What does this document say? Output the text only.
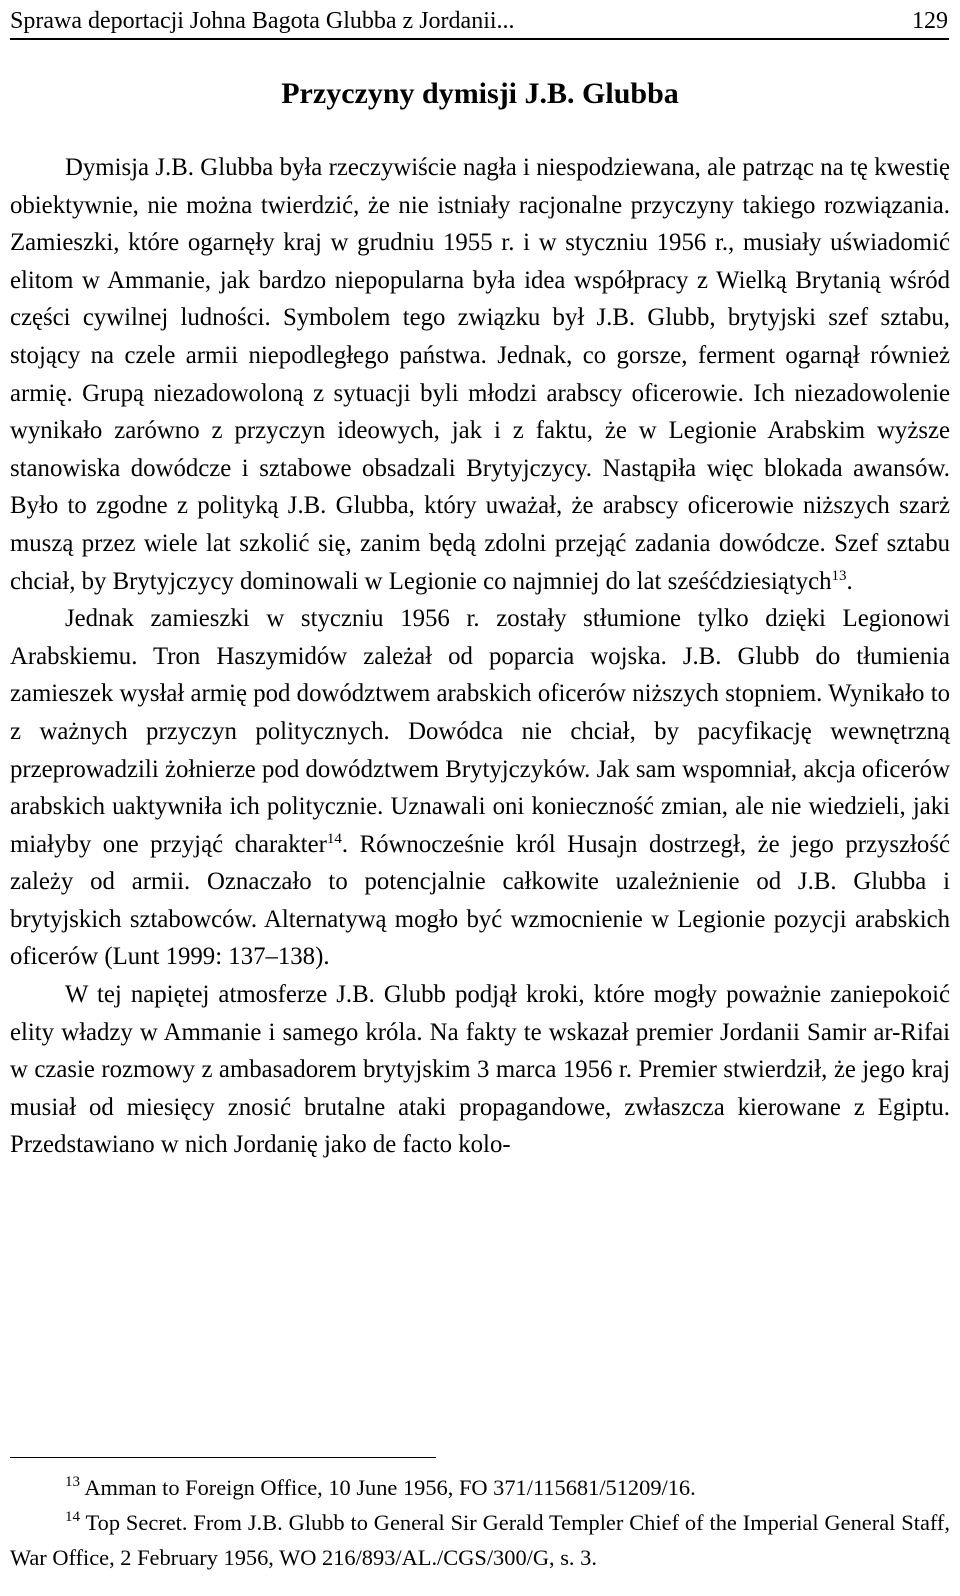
Sprawa deportacji Johna Bagota Glubba z Jordanii...	129
Przyczyny dymisji J.B. Glubba

Dymisja J.B. Glubba była rzeczywiście nagła i niespodziewana, ale patrząc na tę kwestię obiektywnie, nie można twierdzić, że nie istniały racjonalne przyczyny takiego rozwiązania. Zamieszki, które ogarnęły kraj w grudniu 1955 r. i w styczniu 1956 r., musiały uświadomić elitom w Ammanie, jak bardzo niepopularna była idea współpracy z Wielką Brytanią wśród części cywilnej ludności. Symbolem tego związku był J.B. Glubb, brytyjski szef sztabu, stojący na czele armii niepodległego państwa. Jednak, co gorsze, ferment ogarnął również armię. Grupą niezadowoloną z sytuacji byli młodzi arabscy oficerowie. Ich niezadowolenie wynikało zarówno z przyczyn ideowych, jak i z faktu, że w Legionie Arabskim wyższe stanowiska dowódcze i sztabowe obsadzali Brytyjczycy. Nastąpiła więc blokada awansów. Było to zgodne z polityką J.B. Glubba, który uważał, że arabscy oficerowie niższych szarż muszą przez wiele lat szkolić się, zanim będą zdolni przejąć zadania dowódcze. Szef sztabu chciał, by Brytyjczycy dominowali w Legionie co najmniej do lat sześćdziesiątych$^{13}$.

Jednak zamieszki w styczniu 1956 r. zostały stłumione tylko dzięki Legionowi Arabskiemu. Tron Haszymidów zależał od poparcia wojska. J.B. Glubb do tłumienia zamieszek wysłał armię pod dowództwem arabskich oficerów niższych stopniem. Wynikało to z ważnych przyczyn politycznych. Dowódca nie chciał, by pacyfikację wewnętrzną przeprowadzili żołnierze pod dowództwem Brytyjczyków. Jak sam wspomniał, akcja oficerów arabskich uaktywniła ich politycznie. Uznawali oni konieczność zmian, ale nie wiedzieli, jaki miałyby one przyjąć charakter$^{14}$. Równocześnie król Husajn dostrzegł, że jego przyszłość zależy od armii. Oznaczało to potencjalnie całkowite uzależnienie od J.B. Glubba i brytyjskich sztabowców. Alternatywą mogło być wzmocnienie w Legionie pozycji arabskich oficerów (Lunt 1999: 137–138).

W tej napiętej atmosferze J.B. Glubb podjął kroki, które mogły poważnie zaniepokoić elity władzy w Ammanie i samego króla. Na fakty te wskazał premier Jordanii Samir ar-Rifai w czasie rozmowy z ambasadorem brytyjskim 3 marca 1956 r. Premier stwierdził, że jego kraj musiał od miesięcy znosić brutalne ataki propagandowe, zwłaszcza kierowane z Egiptu. Przedstawiano w nich Jordanię jako de facto kolo-

$^{13}$ Amman to Foreign Office, 10 June 1956, FO 371/115681/51209/16.

$^{14}$ Top Secret. From J.B. Glubb to General Sir Gerald Templer Chief of the Imperial General Staff, War Office, 2 February 1956, WO 216/893/AL./CGS/300/G, s. 3.
